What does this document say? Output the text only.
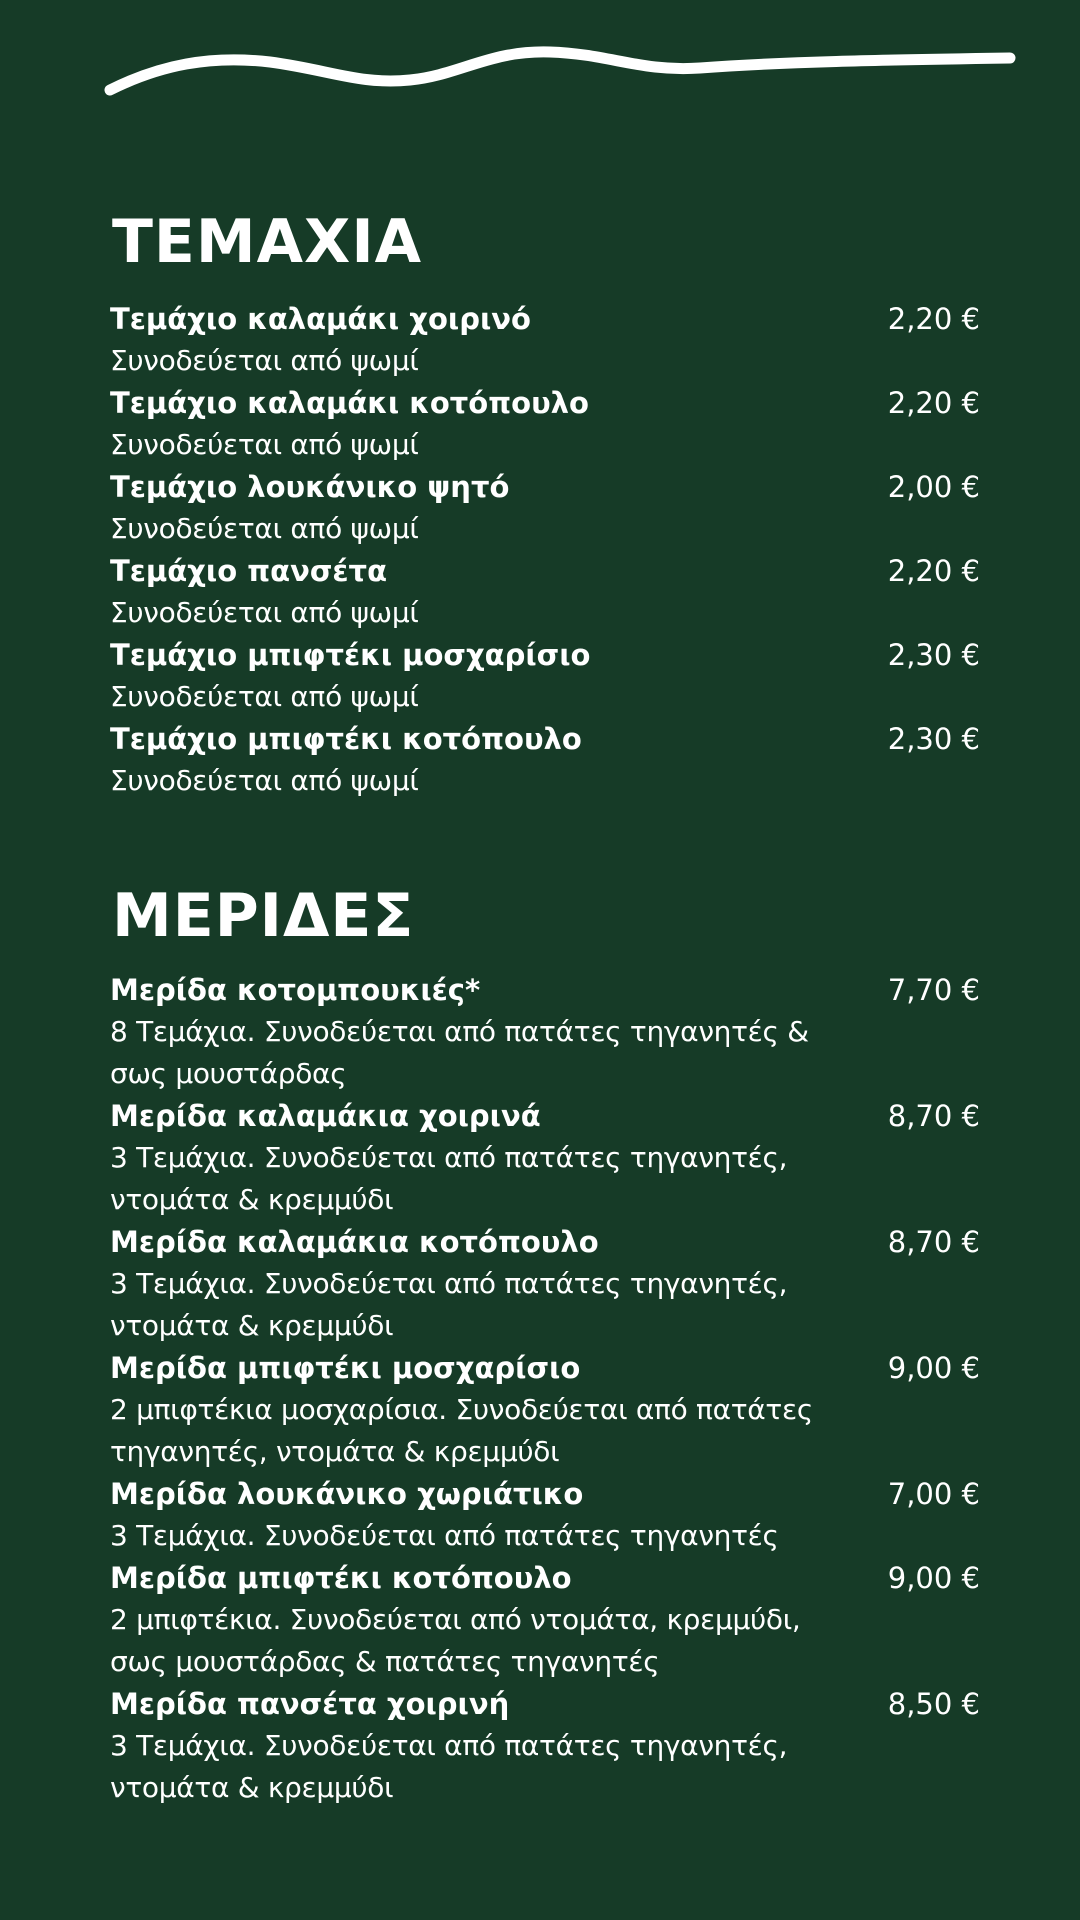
ΤΕΜΑΧΙΑ
Τεμάχιο καλαμάκι χοιρινό
Συνοδεύεται από ψωμί
2,20 €
Τεμάχιο καλαμάκι κοτόπουλο
Συνοδεύεται από ψωμί
2,20 €
Τεμάχιο λουκάνικο ψητό
Συνοδεύεται από ψωμί
2,00 €
Τεμάχιο πανσέτα
Συνοδεύεται από ψωμί
2,20 €
Τεμάχιο μπιφτέκι μοσχαρίσιο
Συνοδεύεται από ψωμί
2,30 €
Τεμάχιο μπιφτέκι κοτόπουλο
Συνοδεύεται από ψωμί
2,30 €
ΜΕΡΙΔΕΣ
Μερίδα κοτομπουκιές*
8 Τεμάχια. Συνοδεύεται από πατάτες τηγανητές & σως μουστάρδας
7,70 €
Μερίδα καλαμάκια χοιρινά
3 Τεμάχια. Συνοδεύεται από πατάτες τηγανητές, ντομάτα & κρεμμύδι
8,70 €
Μερίδα καλαμάκια κοτόπουλο
3 Τεμάχια. Συνοδεύεται από πατάτες τηγανητές, ντομάτα & κρεμμύδι
8,70 €
Μερίδα μπιφτέκι μοσχαρίσιο
2 μπιφτέκια μοσχαρίσια. Συνοδεύεται από πατάτες τηγανητές, ντομάτα & κρεμμύδι
9,00 €
Μερίδα λουκάνικο χωριάτικο
3 Τεμάχια. Συνοδεύεται από πατάτες τηγανητές
7,00 €
Μερίδα μπιφτέκι κοτόπουλο
2 μπιφτέκια. Συνοδεύεται από ντομάτα, κρεμμύδι, σως μουστάρδας & πατάτες τηγανητές
9,00 €
Μερίδα πανσέτα χοιρινή
3 Τεμάχια. Συνοδεύεται από πατάτες τηγανητές, ντομάτα & κρεμμύδι
8,50 €
